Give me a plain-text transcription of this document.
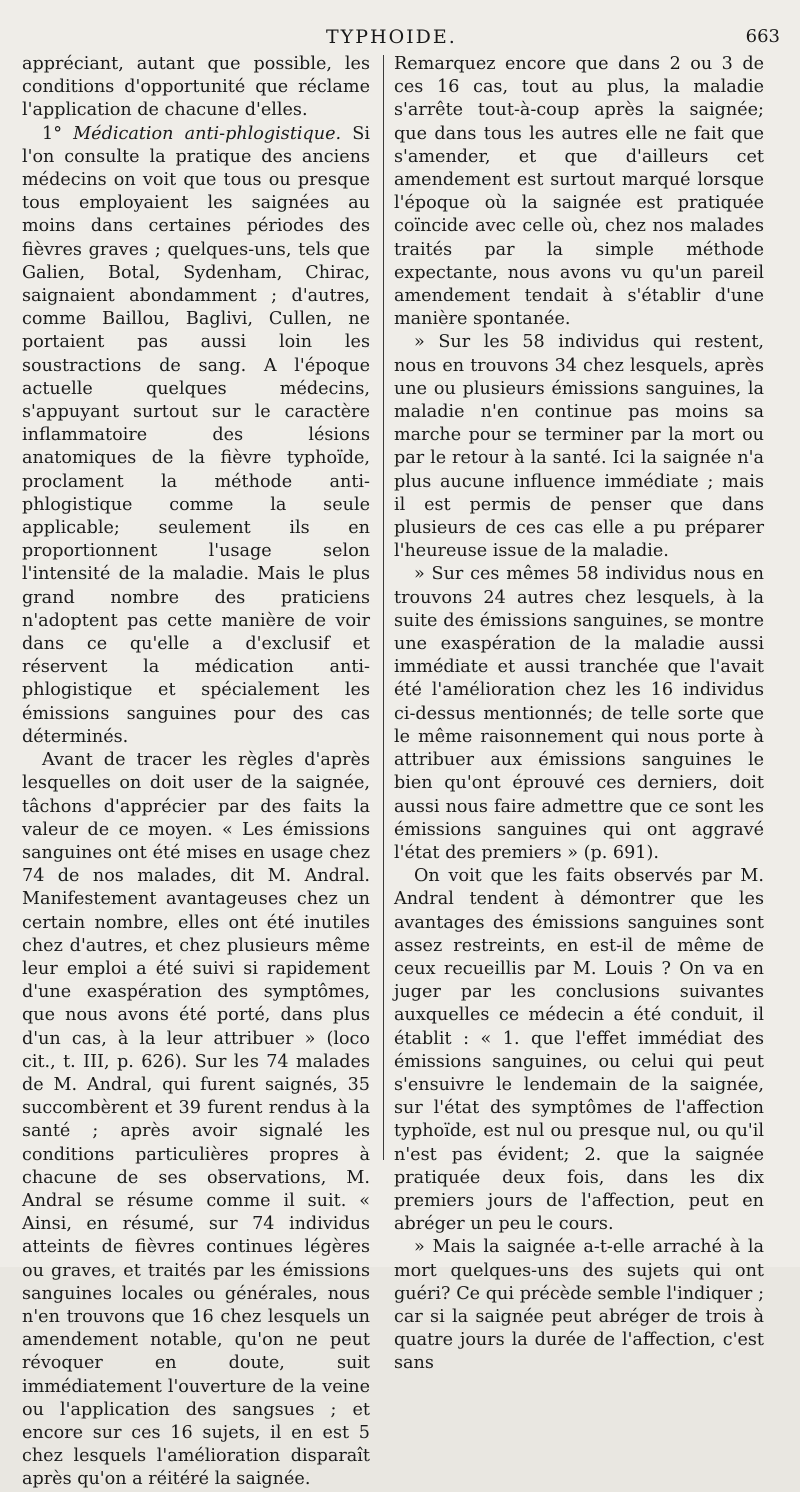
TYPHOIDE.	663

appréciant, autant que possible, les conditions d'opportunité que réclame l'application de chacune d'elles.

1° Médication anti-phlogistique. Si l'on consulte la pratique des anciens médecins on voit que tous ou presque tous employaient les saignées au moins dans certaines périodes des fièvres graves ; quelques-uns, tels que Galien, Botal, Sydenham, Chirac, saignaient abondamment ; d'autres, comme Baillou, Baglivi, Cullen, ne portaient pas aussi loin les soustractions de sang. A l'époque actuelle quelques médecins, s'appuyant surtout sur le caractère inflammatoire des lésions anatomiques de la fièvre typhoïde, proclament la méthode anti-phlogistique comme la seule applicable; seulement ils en proportionnent l'usage selon l'intensité de la maladie. Mais le plus grand nombre des praticiens n'adoptent pas cette manière de voir dans ce qu'elle a d'exclusif et réservent la médication anti-phlogistique et spécialement les émissions sanguines pour des cas déterminés.

Avant de tracer les règles d'après lesquelles on doit user de la saignée, tâchons d'apprécier par des faits la valeur de ce moyen. « Les émissions sanguines ont été mises en usage chez 74 de nos malades, dit M. Andral. Manifestement avantageuses chez un certain nombre, elles ont été inutiles chez d'autres, et chez plusieurs même leur emploi a été suivi si rapidement d'une exaspération des symptômes, que nous avons été porté, dans plus d'un cas, à la leur attribuer » (loco cit., t. III, p. 626). Sur les 74 malades de M. Andral, qui furent saignés, 35 succombèrent et 39 furent rendus à la santé ; après avoir signalé les conditions particulières propres à chacune de ses observations, M. Andral se résume comme il suit. « Ainsi, en résumé, sur 74 individus atteints de fièvres continues légères ou graves, et traités par les émissions sanguines locales ou générales, nous n'en trouvons que 16 chez lesquels un amendement notable, qu'on ne peut révoquer en doute, suit immédiatement l'ouverture de la veine ou l'application des sangsues ; et encore sur ces 16 sujets, il en est 5 chez lesquels l'amélioration disparaît après qu'on a réitéré la saignée.

Remarquez encore que dans 2 ou 3 de ces 16 cas, tout au plus, la maladie s'arrête tout-à-coup après la saignée; que dans tous les autres elle ne fait que s'amender, et que d'ailleurs cet amendement est surtout marqué lorsque l'époque où la saignée est pratiquée coïncide avec celle où, chez nos malades traités par la simple méthode expectante, nous avons vu qu'un pareil amendement tendait à s'établir d'une manière spontanée.

» Sur les 58 individus qui restent, nous en trouvons 34 chez lesquels, après une ou plusieurs émissions sanguines, la maladie n'en continue pas moins sa marche pour se terminer par la mort ou par le retour à la santé. Ici la saignée n'a plus aucune influence immédiate ; mais il est permis de penser que dans plusieurs de ces cas elle a pu préparer l'heureuse issue de la maladie.

» Sur ces mêmes 58 individus nous en trouvons 24 autres chez lesquels, à la suite des émissions sanguines, se montre une exaspération de la maladie aussi immédiate et aussi tranchée que l'avait été l'amélioration chez les 16 individus ci-dessus mentionnés; de telle sorte que le même raisonnement qui nous porte à attribuer aux émissions sanguines le bien qu'ont éprouvé ces derniers, doit aussi nous faire admettre que ce sont les émissions sanguines qui ont aggravé l'état des premiers » (p. 691).

On voit que les faits observés par M. Andral tendent à démontrer que les avantages des émissions sanguines sont assez restreints, en est-il de même de ceux recueillis par M. Louis ? On va en juger par les conclusions suivantes auxquelles ce médecin a été conduit, il établit : « 1. que l'effet immédiat des émissions sanguines, ou celui qui peut s'ensuivre le lendemain de la saignée, sur l'état des symptômes de l'affection typhoïde, est nul ou presque nul, ou qu'il n'est pas évident; 2. que la saignée pratiquée deux fois, dans les dix premiers jours de l'affection, peut en abréger un peu le cours.

» Mais la saignée a-t-elle arraché à la mort quelques-uns des sujets qui ont guéri? Ce qui précède semble l'indiquer ; car si la saignée peut abréger de trois à quatre jours la durée de l'affection, c'est sans
